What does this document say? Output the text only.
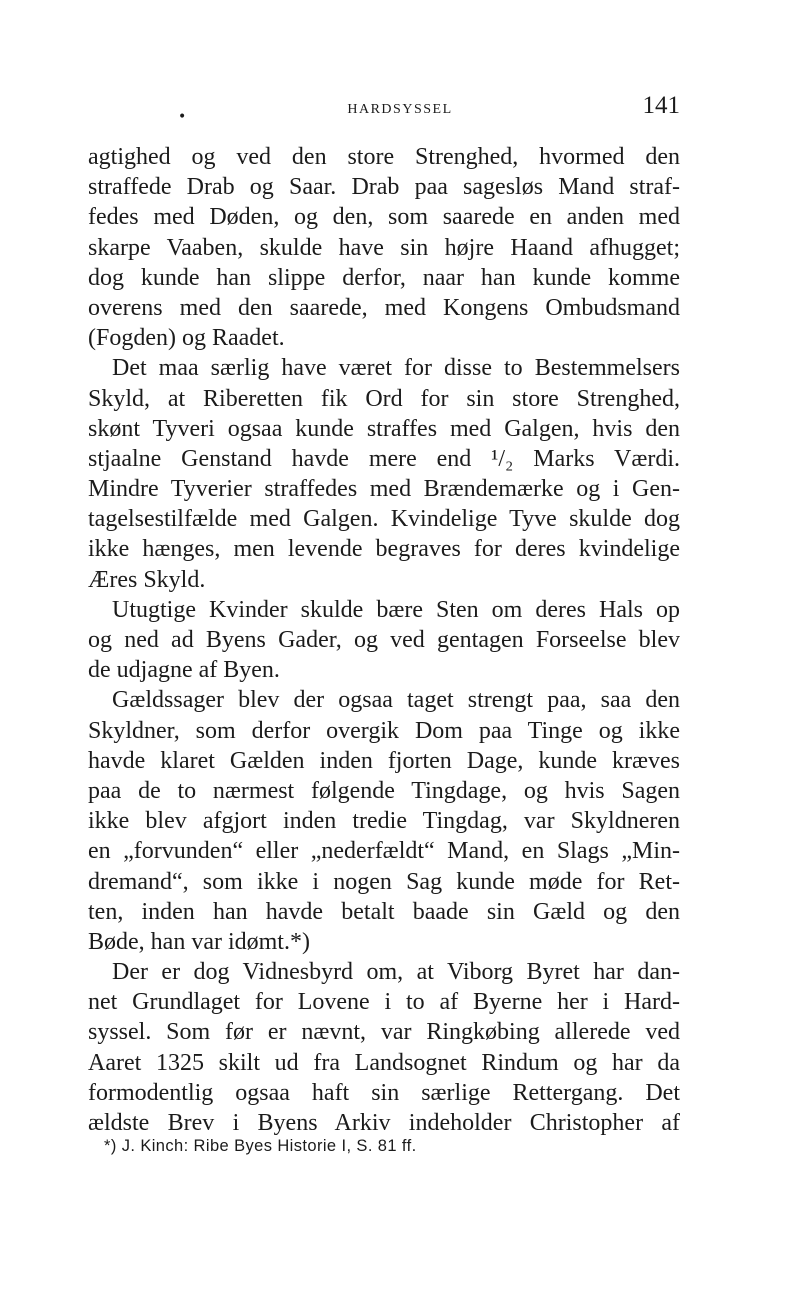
•	HARDSYSSEL	141
agtighed og ved den store Strenghed, hvormed den
straffede Drab og Saar. Drab paa sagesløs Mand straf-
fedes med Døden, og den, som saarede en anden med
skarpe Vaaben, skulde have sin højre Haand afhugget;
dog kunde han slippe derfor, naar han kunde komme
overens med den saarede, med Kongens Ombudsmand
(Fogden) og Raadet.
Det maa særlig have været for disse to Bestemmelsers
Skyld, at Riberetten fik Ord for sin store Strenghed,
skønt Tyveri ogsaa kunde straffes med Galgen, hvis den
stjaalne Genstand havde mere end ¹/₂ Marks Værdi.
Mindre Tyverier straffedes med Brændemærke og i Gen-
tagelsestilfælde med Galgen. Kvindelige Tyve skulde dog
ikke hænges, men levende begraves for deres kvindelige
Æres Skyld.
Utugtige Kvinder skulde bære Sten om deres Hals op
og ned ad Byens Gader, og ved gentagen Forseelse blev
de udjagne af Byen.
Gældssager blev der ogsaa taget strengt paa, saa den
Skyldner, som derfor overgik Dom paa Tinge og ikke
havde klaret Gælden inden fjorten Dage, kunde kræves
paa de to nærmest følgende Tingdage, og hvis Sagen
ikke blev afgjort inden tredie Tingdag, var Skyldneren
en „forvunden“ eller „nederfældt“ Mand, en Slags „Min-
dremand“, som ikke i nogen Sag kunde møde for Ret-
ten, inden han havde betalt baade sin Gæld og den
Bøde, han var idømt.*)
Der er dog Vidnesbyrd om, at Viborg Byret har dan-
net Grundlaget for Lovene i to af Byerne her i Hard-
syssel. Som før er nævnt, var Ringkøbing allerede ved
Aaret 1325 skilt ud fra Landsognet Rindum og har da
formodentlig ogsaa haft sin særlige Rettergang. Det
ældste Brev i Byens Arkiv indeholder Christopher af
*) J. Kinch: Ribe Byes Historie I, S. 81 ff.
